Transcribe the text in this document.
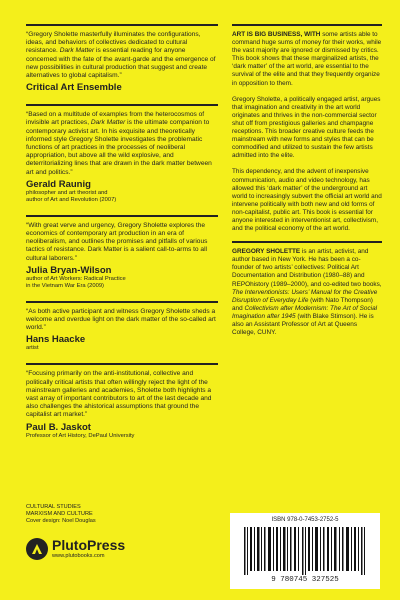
“Gregory Sholette masterfully illuminates the configurations, ideas, and behaviors of collectives dedicated to cultural resistance. Dark Matter is essential reading for anyone concerned with the fate of the avant-garde and the emergence of new possibilities in cultural production that suggest and create alternatives to global capitalism.”

Critical Art Ensemble

“Based on a multitude of examples from the heterocosmos of invisible art practices, Dark Matter is the ultimate companion to contemporary activist art. In his exquisite and theoretically informed style Gregory Sholette investigates the problematic functions of art practices in the processes of neoliberal appropriation, but above all the wild explosive, and deterritorializing lines that are drawn in the dark matter between art and politics.”

Gerald Raunig

philosopher and art theorist and

author of Art and Revolution (2007)

“With great verve and urgency, Gregory Sholette explores the economics of contemporary art production in an era of neoliberalism, and outlines the promises and pitfalls of various tactics of resistance. Dark Matter is a salient call-to-arms to all cultural laborers.”

Julia Bryan-Wilson

author of Art Workers: Radical Practice

in the Vietnam War Era (2009)

“As both active participant and witness Gregory Sholette sheds a welcome and overdue light on the dark matter of the so-called art world.”

Hans Haacke

artist

“Focusing primarily on the anti-institutional, collective and politically critical artists that often willingly reject the light of the mainstream galleries and academies, Sholette both highlights a vast array of important contributors to art of the last decade and also challenges the ahistorical assumptions that ground the capitalist art market.”

Paul B. Jaskot

Professor of Art History, DePaul University

ART IS BIG BUSINESS, WITH some artists able to command huge sums of money for their works, while the vast majority are ignored or dismissed by critics. This book shows that these marginalized artists, the ‘dark matter’ of the art world, are essential to the survival of the elite and that they frequently organize in opposition to them.

Gregory Sholette, a politically engaged artist, argues that imagination and creativity in the art world originates and thrives in the non-commercial sector shut off from prestigious galleries and champagne receptions. This broader creative culture feeds the mainstream with new forms and styles that can be commodified and utilized to sustain the few artists admitted into the elite.

This dependency, and the advent of inexpensive communication, audio and video technology, has allowed this ‘dark matter’ of the underground art world to increasingly subvert the official art world and intervene politically with both new and old forms of non-capitalist, public art. This book is essential for anyone interested in interventionist art, collectivism, and the political economy of the art world.

GREGORY SHOLETTE is an artist, activist, and author based in New York. He has been a co-founder of two artists’ collectives: Political Art Documentation and Distribution (1980–88) and REPOhistory (1989–2000), and co-edited two books, The Interventionists: Users’ Manual for the Creative Disruption of Everyday Life (with Nato Thompson) and Collectivism after Modernism: The Art of Social Imagination after 1945 (with Blake Stimson). He is also an Assistant Professor of Art at Queens College, CUNY.

CULTURAL STUDIES
MARXISM AND CULTURE
Cover design: Noel Douglas
PlutoPress
www.plutobooks.com
ISBN 978-0-7453-2752-5
9 780745 327525
